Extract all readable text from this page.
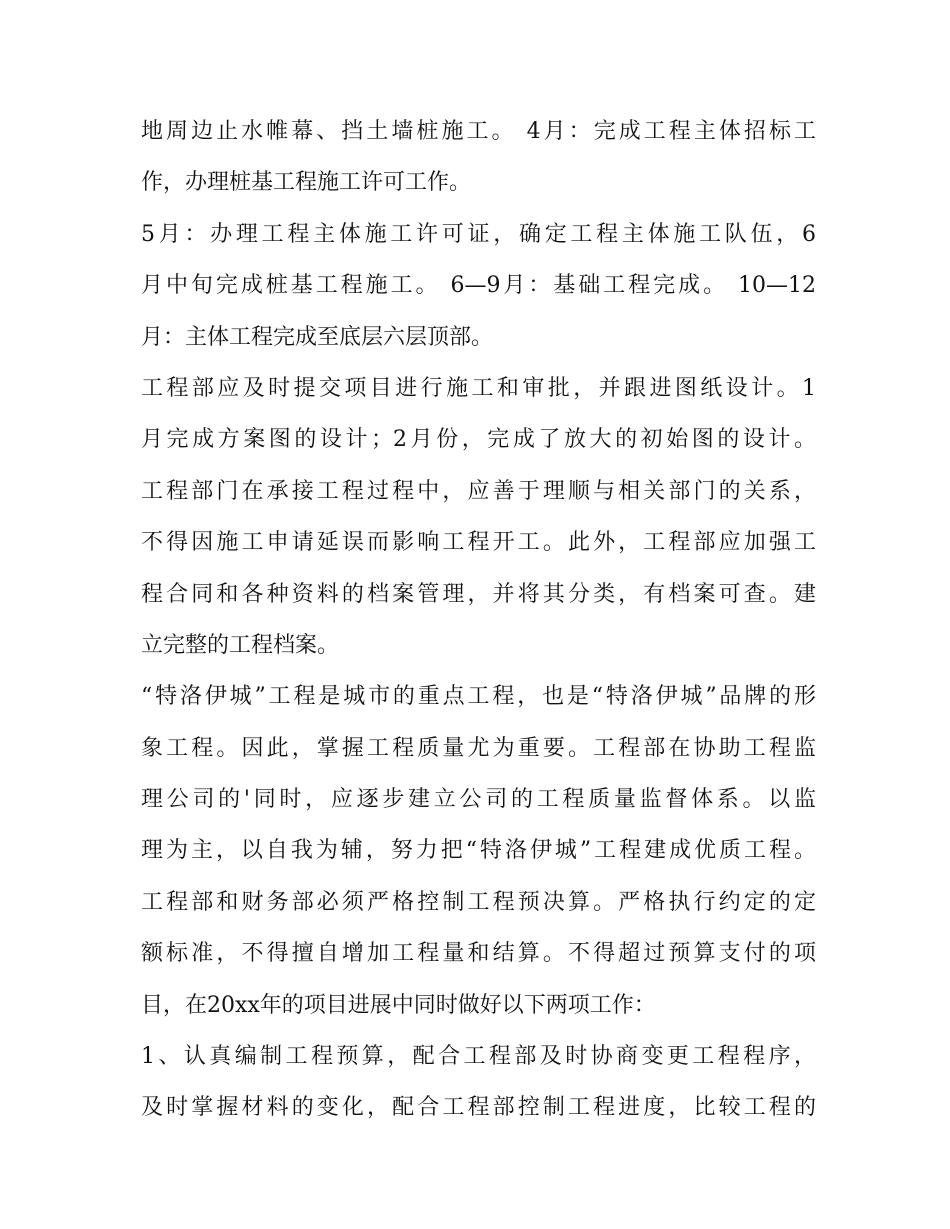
地周边止水帷幕、挡土墙桩施工。 4月：完成工程主体招标工
作，办理桩基工程施工许可工作。
5月：办理工程主体施工许可证，确定工程主体施工队伍，6
月中旬完成桩基工程施工。 6—9月：基础工程完成。 10—12
月：主体工程完成至底层六层顶部。
工程部应及时提交项目进行施工和审批，并跟进图纸设计。1
月完成方案图的设计；2月份，完成了放大的初始图的设计。
工程部门在承接工程过程中，应善于理顺与相关部门的关系，
不得因施工申请延误而影响工程开工。此外，工程部应加强工
程合同和各种资料的档案管理，并将其分类，有档案可查。建
立完整的工程档案。
“特洛伊城”工程是城市的重点工程，也是“特洛伊城”品牌的形
象工程。因此，掌握工程质量尤为重要。工程部在协助工程监
理公司的'同时，应逐步建立公司的工程质量监督体系。以监
理为主，以自我为辅，努力把“特洛伊城”工程建成优质工程。
工程部和财务部必须严格控制工程预决算。严格执行约定的定
额标准，不得擅自增加工程量和结算。不得超过预算支付的项
目，在20xx年的项目进展中同时做好以下两项工作：
1、认真编制工程预算，配合工程部及时协商变更工程程序，
及时掌握材料的变化，配合工程部控制工程进度，比较工程的
